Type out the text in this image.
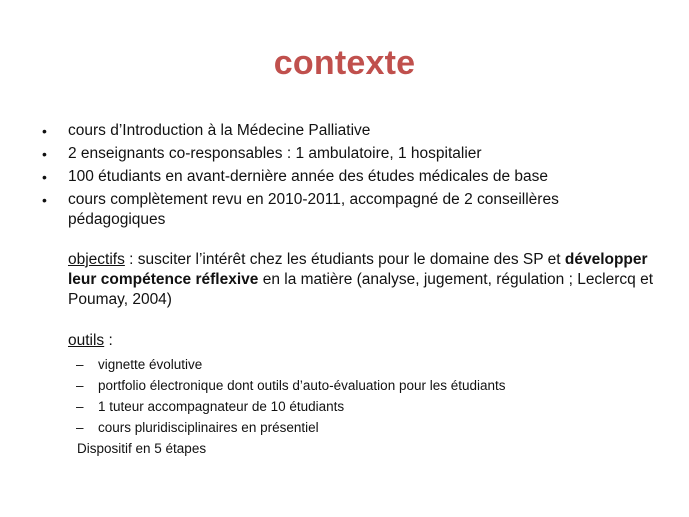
contexte
• cours d’Introduction à la Médecine Palliative
• 2 enseignants co-responsables : 1 ambulatoire, 1 hospitalier
• 100 étudiants en avant-dernière année des études médicales de base
• cours complètement revu en 2010-2011, accompagné de 2 conseillères pédagogiques
objectifs : susciter l’intérêt chez les étudiants pour le domaine des SP et développer leur compétence réflexive en la matière (analyse, jugement, régulation ; Leclercq et Poumay, 2004)
outils :
– vignette évolutive
– portfolio électronique dont outils d’auto-évaluation pour les étudiants
– 1 tuteur accompagnateur de 10 étudiants
– cours pluridisciplinaires en présentiel
Dispositif en 5 étapes
